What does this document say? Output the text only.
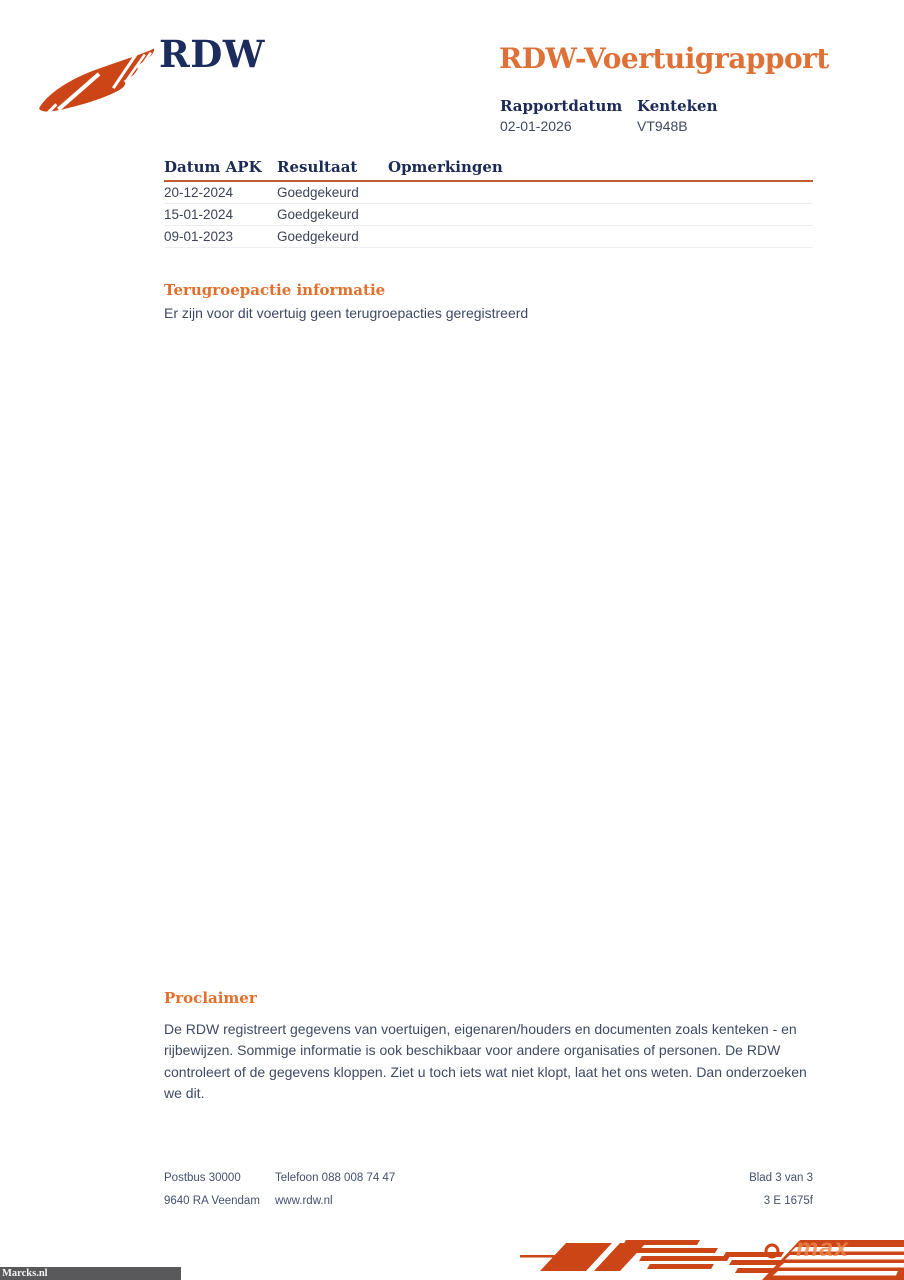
RDW	RDW-Voertuigrapport
Rapportdatum
02-01-2026
Kenteken
VT948B
Datum APK	Resultaat	Opmerkingen
20-12-2024	Goedgekeurd
15-01-2024	Goedgekeurd
09-01-2023	Goedgekeurd
Terugroepactie informatie
Er zijn voor dit voertuig geen terugroepacties geregistreerd
Proclaimer
De RDW registreert gegevens van voertuigen, eigenaren/houders en documenten zoals kenteken - en rijbewijzen. Sommige informatie is ook beschikbaar voor andere organisaties of personen. De RDW controleert of de gegevens kloppen. Ziet u toch iets wat niet klopt, laat het ons weten. Dan onderzoeken we dit.
Postbus 30000	Telefoon 088 008 74 47	Blad 3 van 3
9640 RA Veendam www.rdw.nl	3 E 1675f
max
Marcks.nl
